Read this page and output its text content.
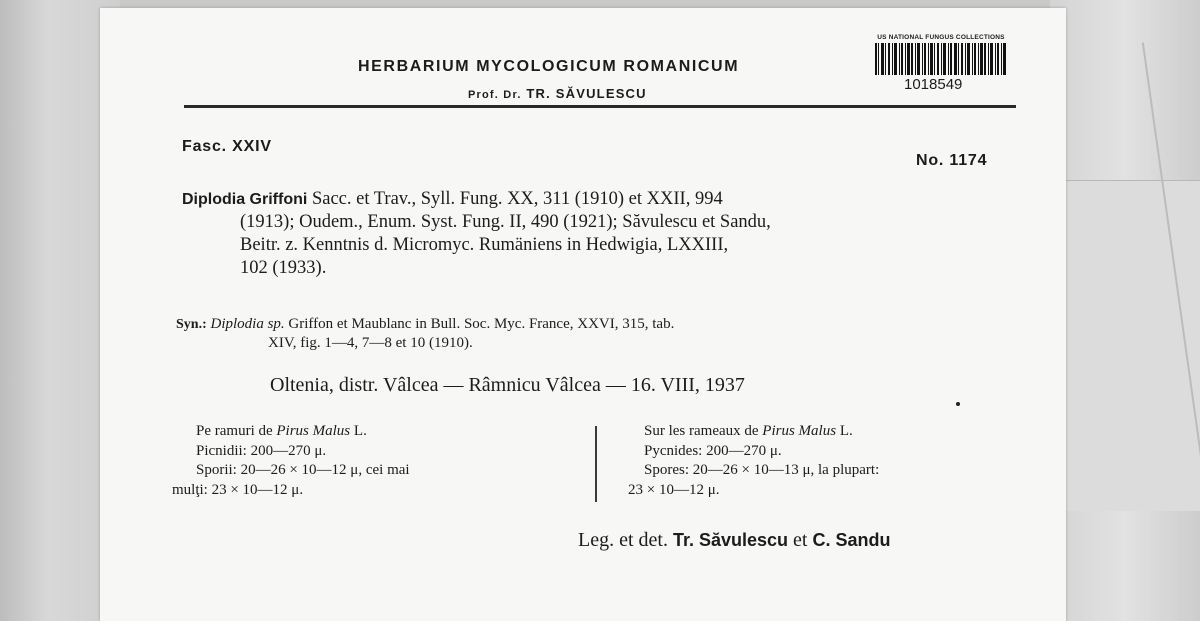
HERBARIUM MYCOLOGICUM ROMANICUM
Prof. Dr. TR. SĂVULESCU
US NATIONAL FUNGUS COLLECTIONS
1018549
Fasc. XXIV
No. 1174
Diplodia Griffoni Sacc. et Trav., Syll. Fung. XX, 311 (1910) et XXII, 994
(1913); Oudem., Enum. Syst. Fung. II, 490 (1921); Săvulescu et Sandu,
Beitr. z. Kenntnis d. Micromyc. Rumäniens in Hedwigia, LXXIII,
102 (1933).
Syn.: Diplodia sp. Griffon et Maublanc in Bull. Soc. Myc. France, XXVI, 315, tab.
XIV, fig. 1—4, 7—8 et 10 (1910).
Oltenia, distr. Vâlcea — Râmnicu Vâlcea — 16. VIII, 1937
Pe ramuri de Pirus Malus L.
Picnidii: 200—270 μ.
Sporii: 20—26 × 10—12 μ, cei mai
mulţi: 23 × 10—12 μ.
Sur les rameaux de Pirus Malus L.
Pycnides: 200—270 μ.
Spores: 20—26 × 10—13 μ, la plupart:
23 × 10—12 μ.
Leg. et det. Tr. Săvulescu et C. Sandu
